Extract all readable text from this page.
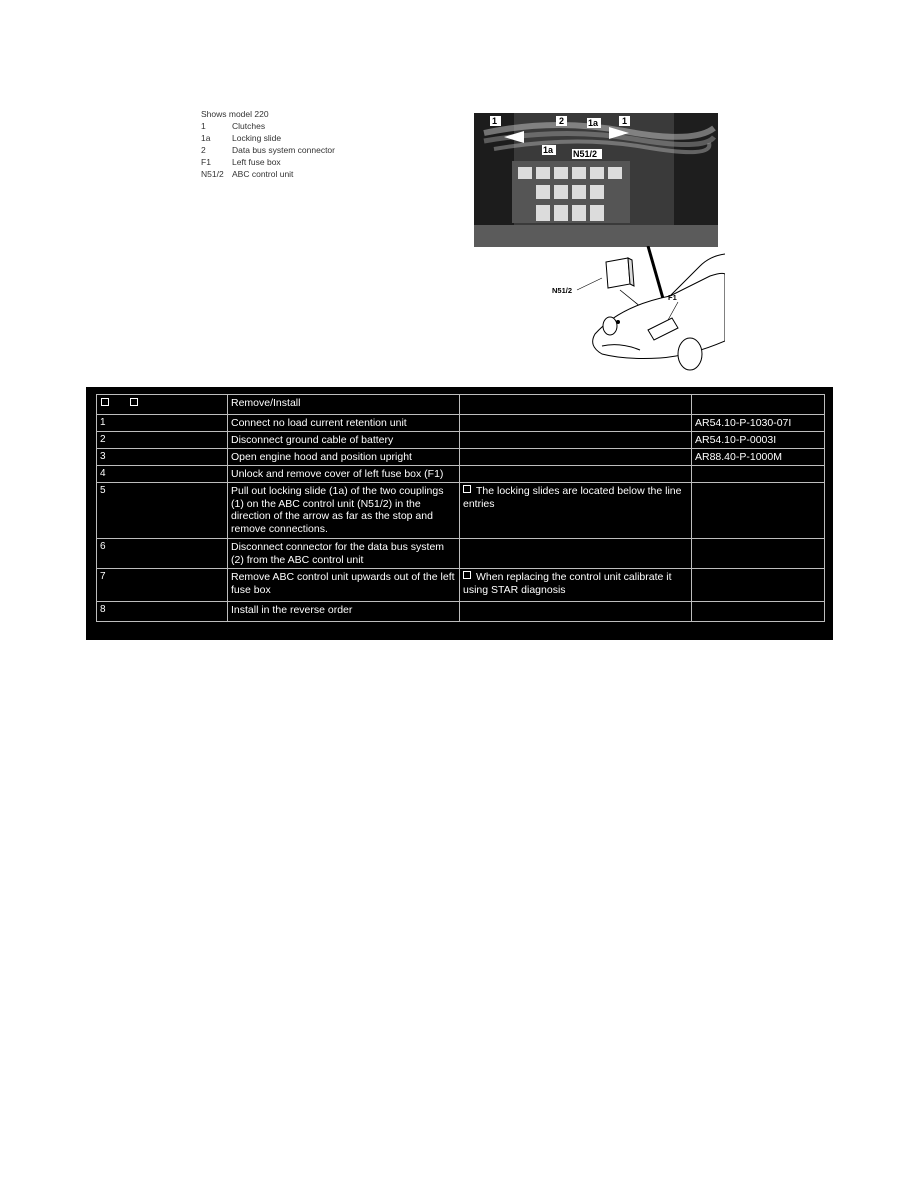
Shows model 220
1	Clutches
1a	Locking slide
2	Data bus system connector
F1	Left fuse box
N51/2 ABC control unit
1	2	1a	1
1a N51/2
N51/2
F1
	Remove/Install		
1	Connect no load current retention unit		AR54.10-P-1030-07I
2	Disconnect ground cable of battery		AR54.10-P-0003I
3	Open engine hood and position upright		AR88.40-P-1000M
4	Unlock and remove cover of left fuse box (F1)		
5	Pull out locking slide (1a) of the two couplings (1) on the ABC control unit (N51/2) in the direction of the arrow as far as the stop and remove connections.	The locking slides are located below the line entries	
6	Disconnect connector for the data bus system (2) from the ABC control unit		
7	Remove ABC control unit upwards out of the left fuse box	When replacing the control unit calibrate it using STAR diagnosis	
8	Install in the reverse order		
